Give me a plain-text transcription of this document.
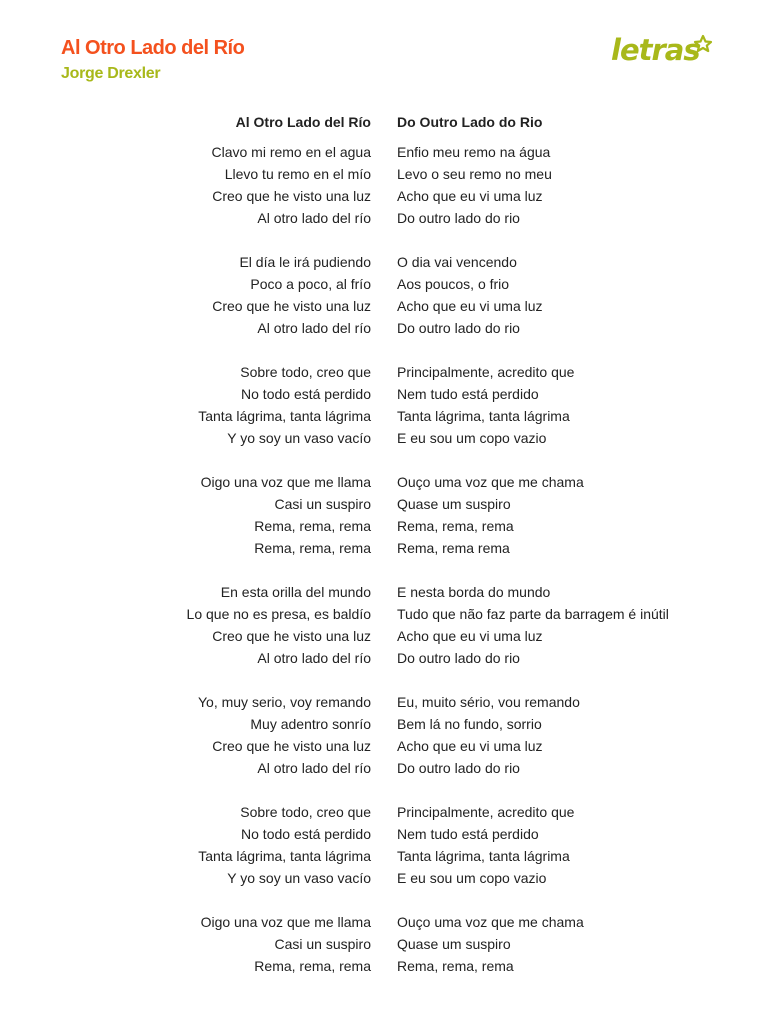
Al Otro Lado del Río
Jorge Drexler
letras
Al Otro Lado del Río Do Outro Lado do Rio
Clavo mi remo en el agua Enfio meu remo na água
Llevo tu remo en el mío Levo o seu remo no meu
Creo que he visto una luz Acho que eu vi uma luz
Al otro lado del río Do outro lado do rio
El día le irá pudiendo O dia vai vencendo
Poco a poco, al frío Aos poucos, o frio
Creo que he visto una luz Acho que eu vi uma luz
Al otro lado del río Do outro lado do rio
Sobre todo, creo que Principalmente, acredito que
No todo está perdido Nem tudo está perdido
Tanta lágrima, tanta lágrima Tanta lágrima, tanta lágrima
Y yo soy un vaso vacío E eu sou um copo vazio
Oigo una voz que me llama Ouço uma voz que me chama
Casi un suspiro Quase um suspiro
Rema, rema, rema Rema, rema, rema
Rema, rema, rema Rema, rema rema
En esta orilla del mundo E nesta borda do mundo
Lo que no es presa, es baldío Tudo que não faz parte da barragem é inútil
Creo que he visto una luz Acho que eu vi uma luz
Al otro lado del río Do outro lado do rio
Yo, muy serio, voy remando Eu, muito sério, vou remando
Muy adentro sonrío Bem lá no fundo, sorrio
Creo que he visto una luz Acho que eu vi uma luz
Al otro lado del río Do outro lado do rio
Sobre todo, creo que Principalmente, acredito que
No todo está perdido Nem tudo está perdido
Tanta lágrima, tanta lágrima Tanta lágrima, tanta lágrima
Y yo soy un vaso vacío E eu sou um copo vazio
Oigo una voz que me llama Ouço uma voz que me chama
Casi un suspiro Quase um suspiro
Rema, rema, rema Rema, rema, rema
